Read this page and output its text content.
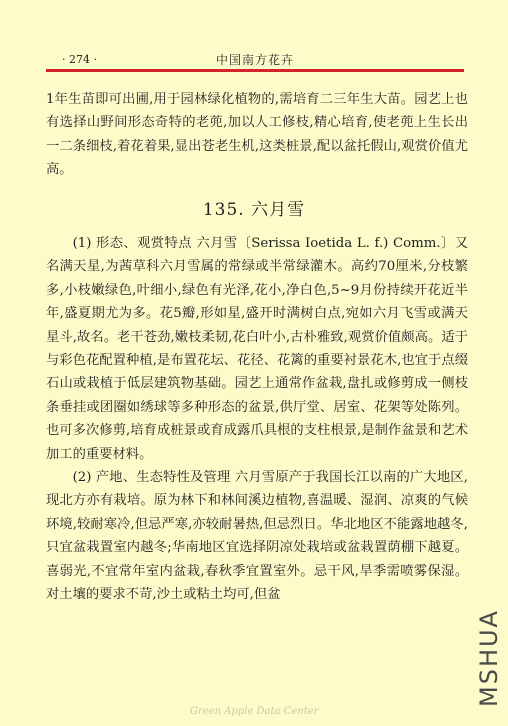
· 274 ·	中国南方花卉

1年生苗即可出圃,用于园林绿化植物的,需培育二三年生大苗。园艺上也有选择山野间形态奇特的老蔸,加以人工修枝,精心培育,使老蔸上生长出一二条细枝,着花着果,显出苍老生机,这类桩景,配以盆托假山,观赏价值尤高。

135. 六月雪

(1) 形态、观赏特点 六月雪〔Serissa Ioetida L. f.) Comm.〕又名满天星,为茜草科六月雪属的常绿或半常绿灌木。高约70厘米,分枝繁多,小枝嫩绿色,叶细小,绿色有光泽,花小,净白色,5~9月份持续开花近半年,盛夏期尤为多。花5瓣,形如星,盛开时满树白点,宛如六月飞雪或满天星斗,故名。老干苍劲,嫩枝柔韧,花白叶小,古朴雅致,观赏价值颇高。适于与彩色花配置种植,是布置花坛、花径、花篱的重要衬景花木,也宜于点缀石山或栽植于低层建筑物基础。园艺上通常作盆栽,盘扎或修剪成一侧枝条垂挂或团圈如绣球等多种形态的盆景,供厅堂、居室、花架等处陈列。也可多次修剪,培育成桩景或育成露爪具根的支柱根景,是制作盆景和艺术加工的重要材料。

(2) 产地、生态特性及管理 六月雪原产于我国长江以南的广大地区,现北方亦有栽培。原为林下和林间溪边植物,喜温暖、湿润、凉爽的气候环境,较耐寒冷,但忌严寒,亦较耐暑热,但忌烈日。华北地区不能露地越冬,只宜盆栽置室内越冬;华南地区宜选择阴凉处栽培或盆栽置荫棚下越夏。喜弱光,不宜常年室内盆栽,春秋季宜置室外。忌干风,旱季需喷雾保湿。对土壤的要求不苛,沙土或粘土均可,但盆

MSHUA
Green Apple Data Center
